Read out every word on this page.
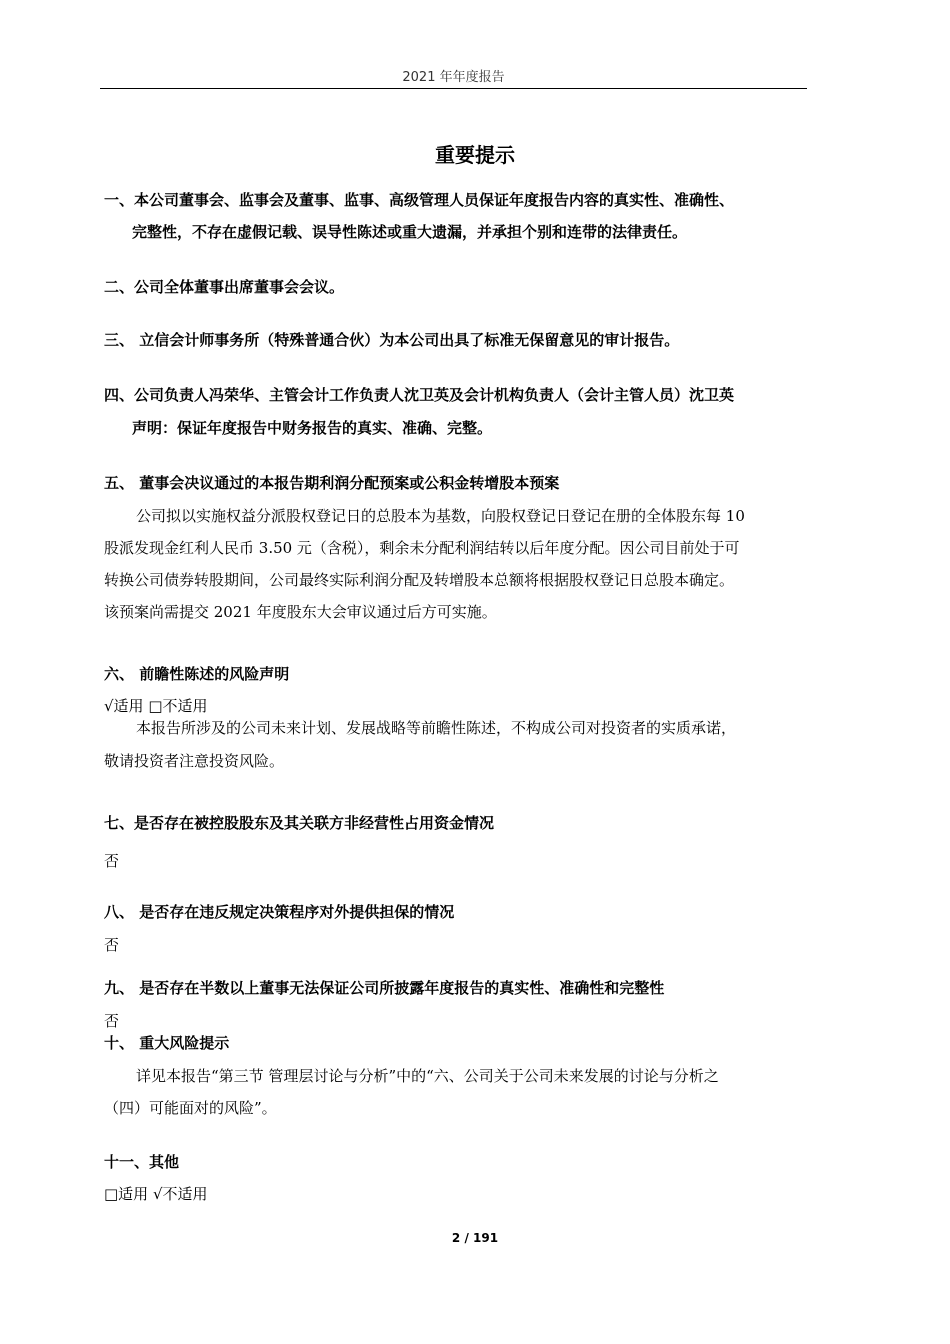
2021 年年度报告
重要提示
一、本公司董事会、监事会及董事、监事、高级管理人员保证年度报告内容的真实性、准确性、
完整性，不存在虚假记载、误导性陈述或重大遗漏，并承担个别和连带的法律责任。
二、公司全体董事出席董事会会议。
三、 立信会计师事务所（特殊普通合伙）为本公司出具了标准无保留意见的审计报告。
四、公司负责人冯荣华、主管会计工作负责人沈卫英及会计机构负责人（会计主管人员）沈卫英
声明：保证年度报告中财务报告的真实、准确、完整。
五、 董事会决议通过的本报告期利润分配预案或公积金转增股本预案
公司拟以实施权益分派股权登记日的总股本为基数，向股权登记日登记在册的全体股东每 10
股派发现金红利人民币 3.50 元（含税），剩余未分配利润结转以后年度分配。因公司目前处于可
转换公司债券转股期间，公司最终实际利润分配及转增股本总额将根据股权登记日总股本确定。
该预案尚需提交 2021 年度股东大会审议通过后方可实施。
六、 前瞻性陈述的风险声明
√适用 □不适用
本报告所涉及的公司未来计划、发展战略等前瞻性陈述，不构成公司对投资者的实质承诺，
敬请投资者注意投资风险。
七、是否存在被控股股东及其关联方非经营性占用资金情况
否
八、 是否存在违反规定决策程序对外提供担保的情况
否
九、 是否存在半数以上董事无法保证公司所披露年度报告的真实性、准确性和完整性
否
十、 重大风险提示
详见本报告“第三节 管理层讨论与分析”中的“六、公司关于公司未来发展的讨论与分析之
（四）可能面对的风险”。
十一、其他
□适用 √不适用
2 / 191
